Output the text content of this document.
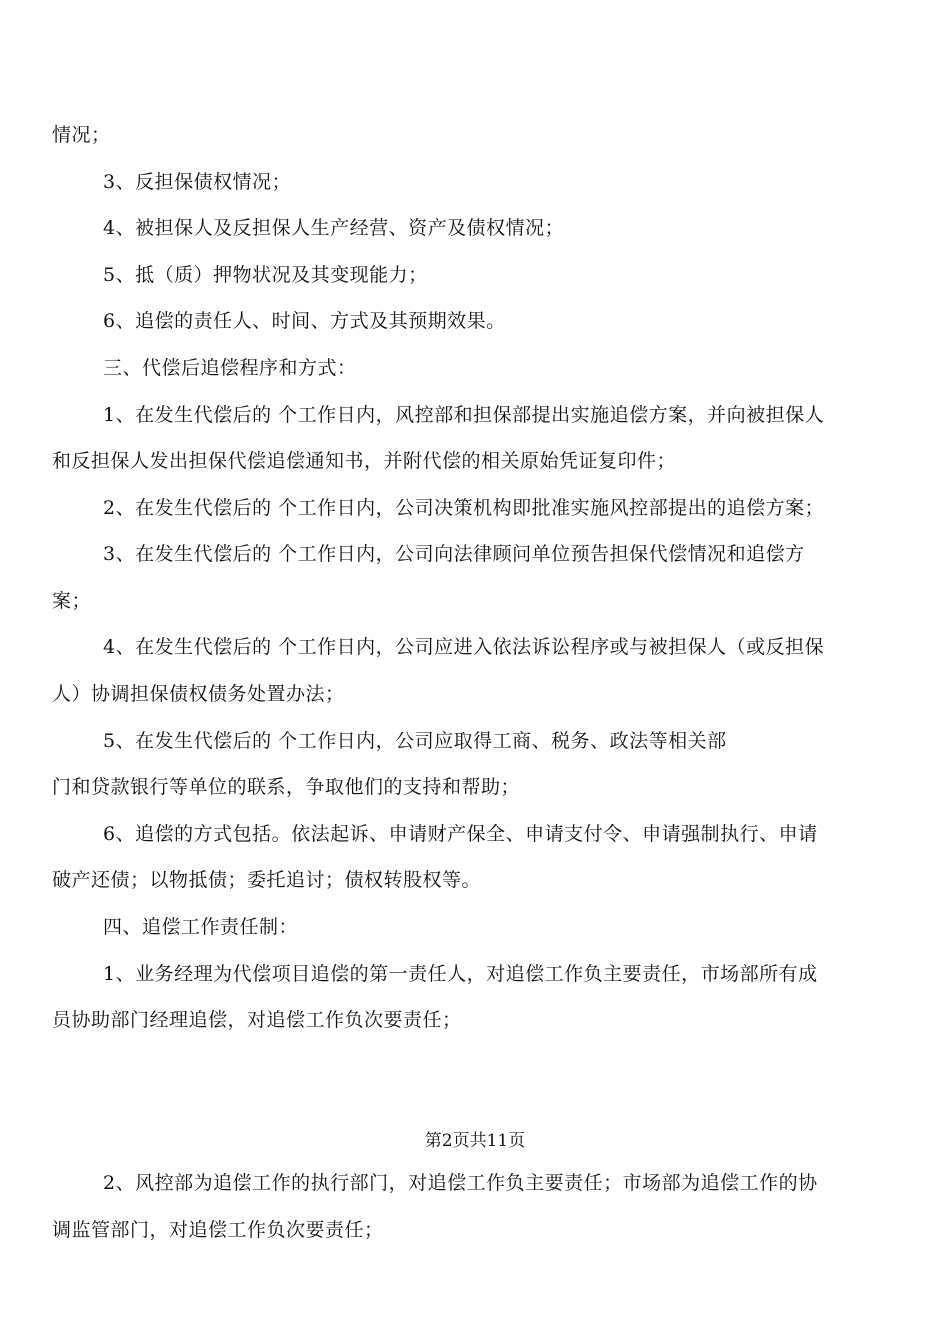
情况；
3、反担保债权情况；
4、被担保人及反担保人生产经营、资产及债权情况；
5、抵（质）押物状况及其变现能力；
6、追偿的责任人、时间、方式及其预期效果。
三、代偿后追偿程序和方式：
1、在发生代偿后的 个工作日内，风控部和担保部提出实施追偿方案，并向被担保人
和反担保人发出担保代偿追偿通知书，并附代偿的相关原始凭证复印件；
2、在发生代偿后的 个工作日内，公司决策机构即批准实施风控部提出的追偿方案；
3、在发生代偿后的 个工作日内，公司向法律顾问单位预告担保代偿情况和追偿方
案；
4、在发生代偿后的 个工作日内，公司应进入依法诉讼程序或与被担保人（或反担保
人）协调担保债权债务处置办法；
5、在发生代偿后的 个工作日内，公司应取得工商、税务、政法等相关部
门和贷款银行等单位的联系，争取他们的支持和帮助；
6、追偿的方式包括。依法起诉、申请财产保全、申请支付令、申请强制执行、申请
破产还债；以物抵债；委托追讨；债权转股权等。
四、追偿工作责任制：
1、业务经理为代偿项目追偿的第一责任人，对追偿工作负主要责任，市场部所有成
员协助部门经理追偿，对追偿工作负次要责任；
第2页共11页
2、风控部为追偿工作的执行部门，对追偿工作负主要责任；市场部为追偿工作的协
调监管部门，对追偿工作负次要责任；
